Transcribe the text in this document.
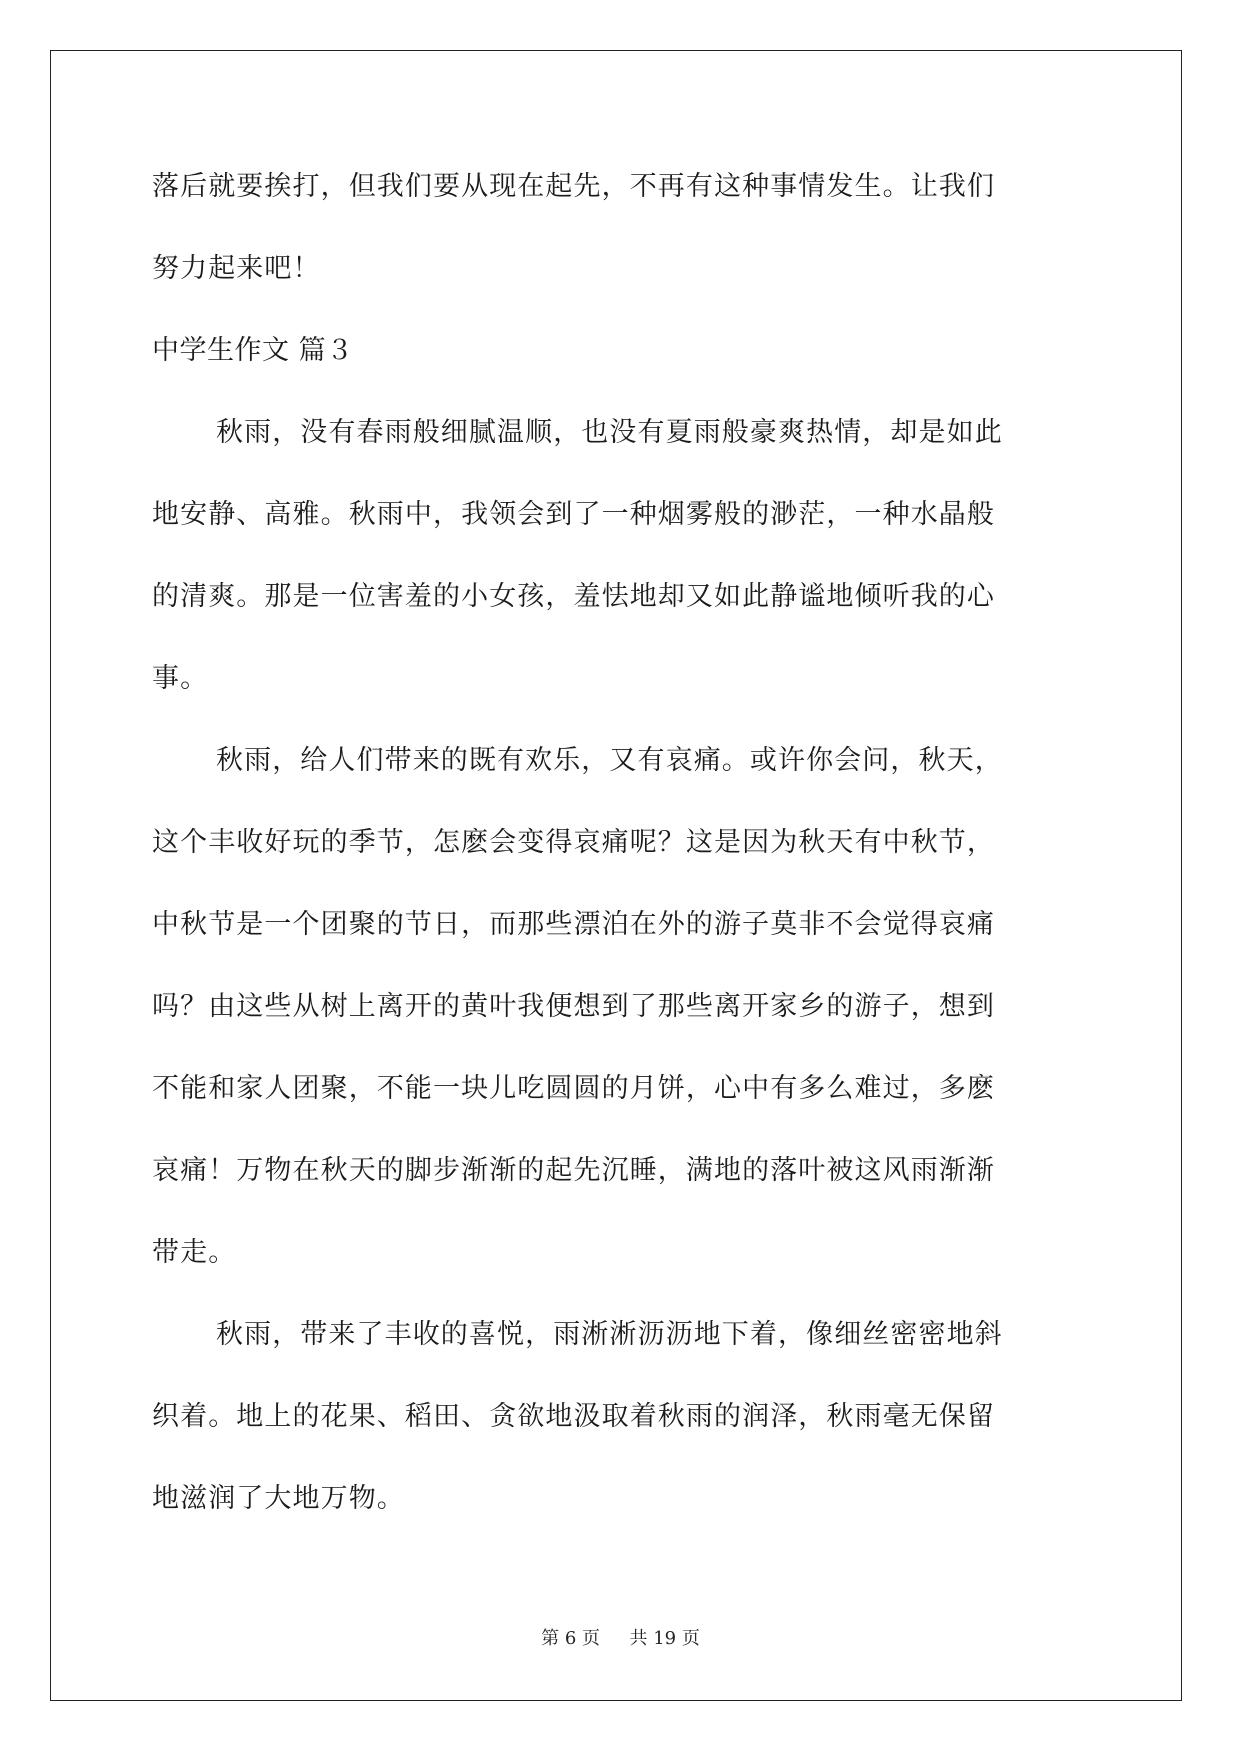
落后就要挨打，但我们要从现在起先，不再有这种事情发生。让我们
努力起来吧！
中学生作文 篇３
秋雨，没有春雨般细腻温顺，也没有夏雨般豪爽热情，却是如此
地安静、高雅。秋雨中，我领会到了一种烟雾般的渺茫，一种水晶般
的清爽。那是一位害羞的小女孩，羞怯地却又如此静谧地倾听我的心
事。
秋雨，给人们带来的既有欢乐，又有哀痛。或许你会问，秋天，
这个丰收好玩的季节，怎麽会变得哀痛呢？这是因为秋天有中秋节，
中秋节是一个团聚的节日，而那些漂泊在外的游子莫非不会觉得哀痛
吗？由这些从树上离开的黄叶我便想到了那些离开家乡的游子，想到
不能和家人团聚，不能一块儿吃圆圆的月饼，心中有多么难过，多麽
哀痛！万物在秋天的脚步渐渐的起先沉睡，满地的落叶被这风雨渐渐
带走。
秋雨，带来了丰收的喜悦，雨淅淅沥沥地下着，像细丝密密地斜
织着。地上的花果、稻田、贪欲地汲取着秋雨的润泽，秋雨毫无保留
地滋润了大地万物。
第 6 页 共 19 页
